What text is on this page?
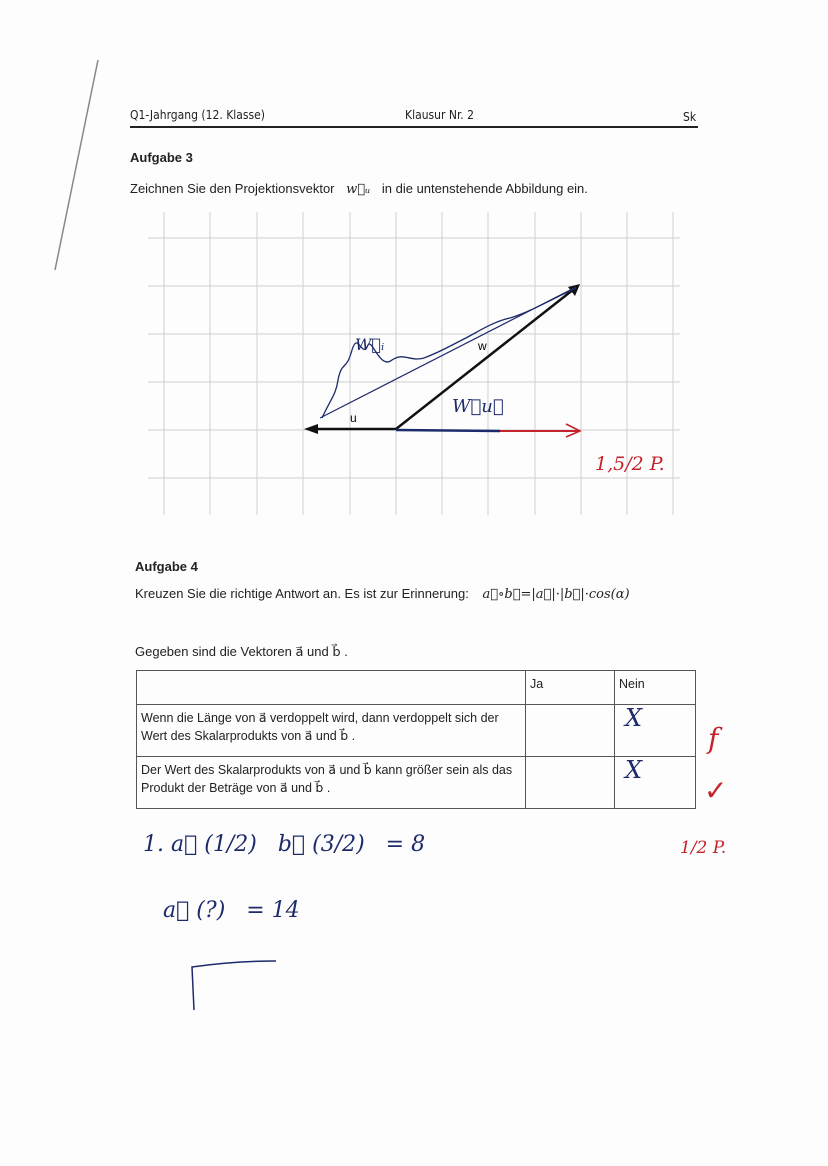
Q1-Jahrgang (12. Klasse)	Klausur Nr. 2	Sk
Aufgabe 3
Zeichnen Sie den Projektionsvektor w⃗ᵤ in die untenstehende Abbildung ein.
u
w
W⃗u⃗
W⃗ᵢ
1,5/2 P.
Aufgabe 4
Kreuzen Sie die richtige Antwort an. Es ist zur Erinnerung: a⃗∘b⃗=|a⃗|·|b⃗|·cos(α)
Gegeben sind die Vektoren a⃗ und b⃗ .
	Ja	Nein
Wenn die Länge von a⃗ verdoppelt wird, dann verdoppelt sich der Wert des Skalarprodukts von a⃗ und b⃗ .		X
Der Wert des Skalarprodukts von a⃗ und b⃗ kann größer sein als das Produkt der Beträge von a⃗ und b⃗ .		X
f
✓
1/2 P.
1. a⃗ (1/2)   b⃗ (3/2)   = 8
a⃗ (?)   = 14
